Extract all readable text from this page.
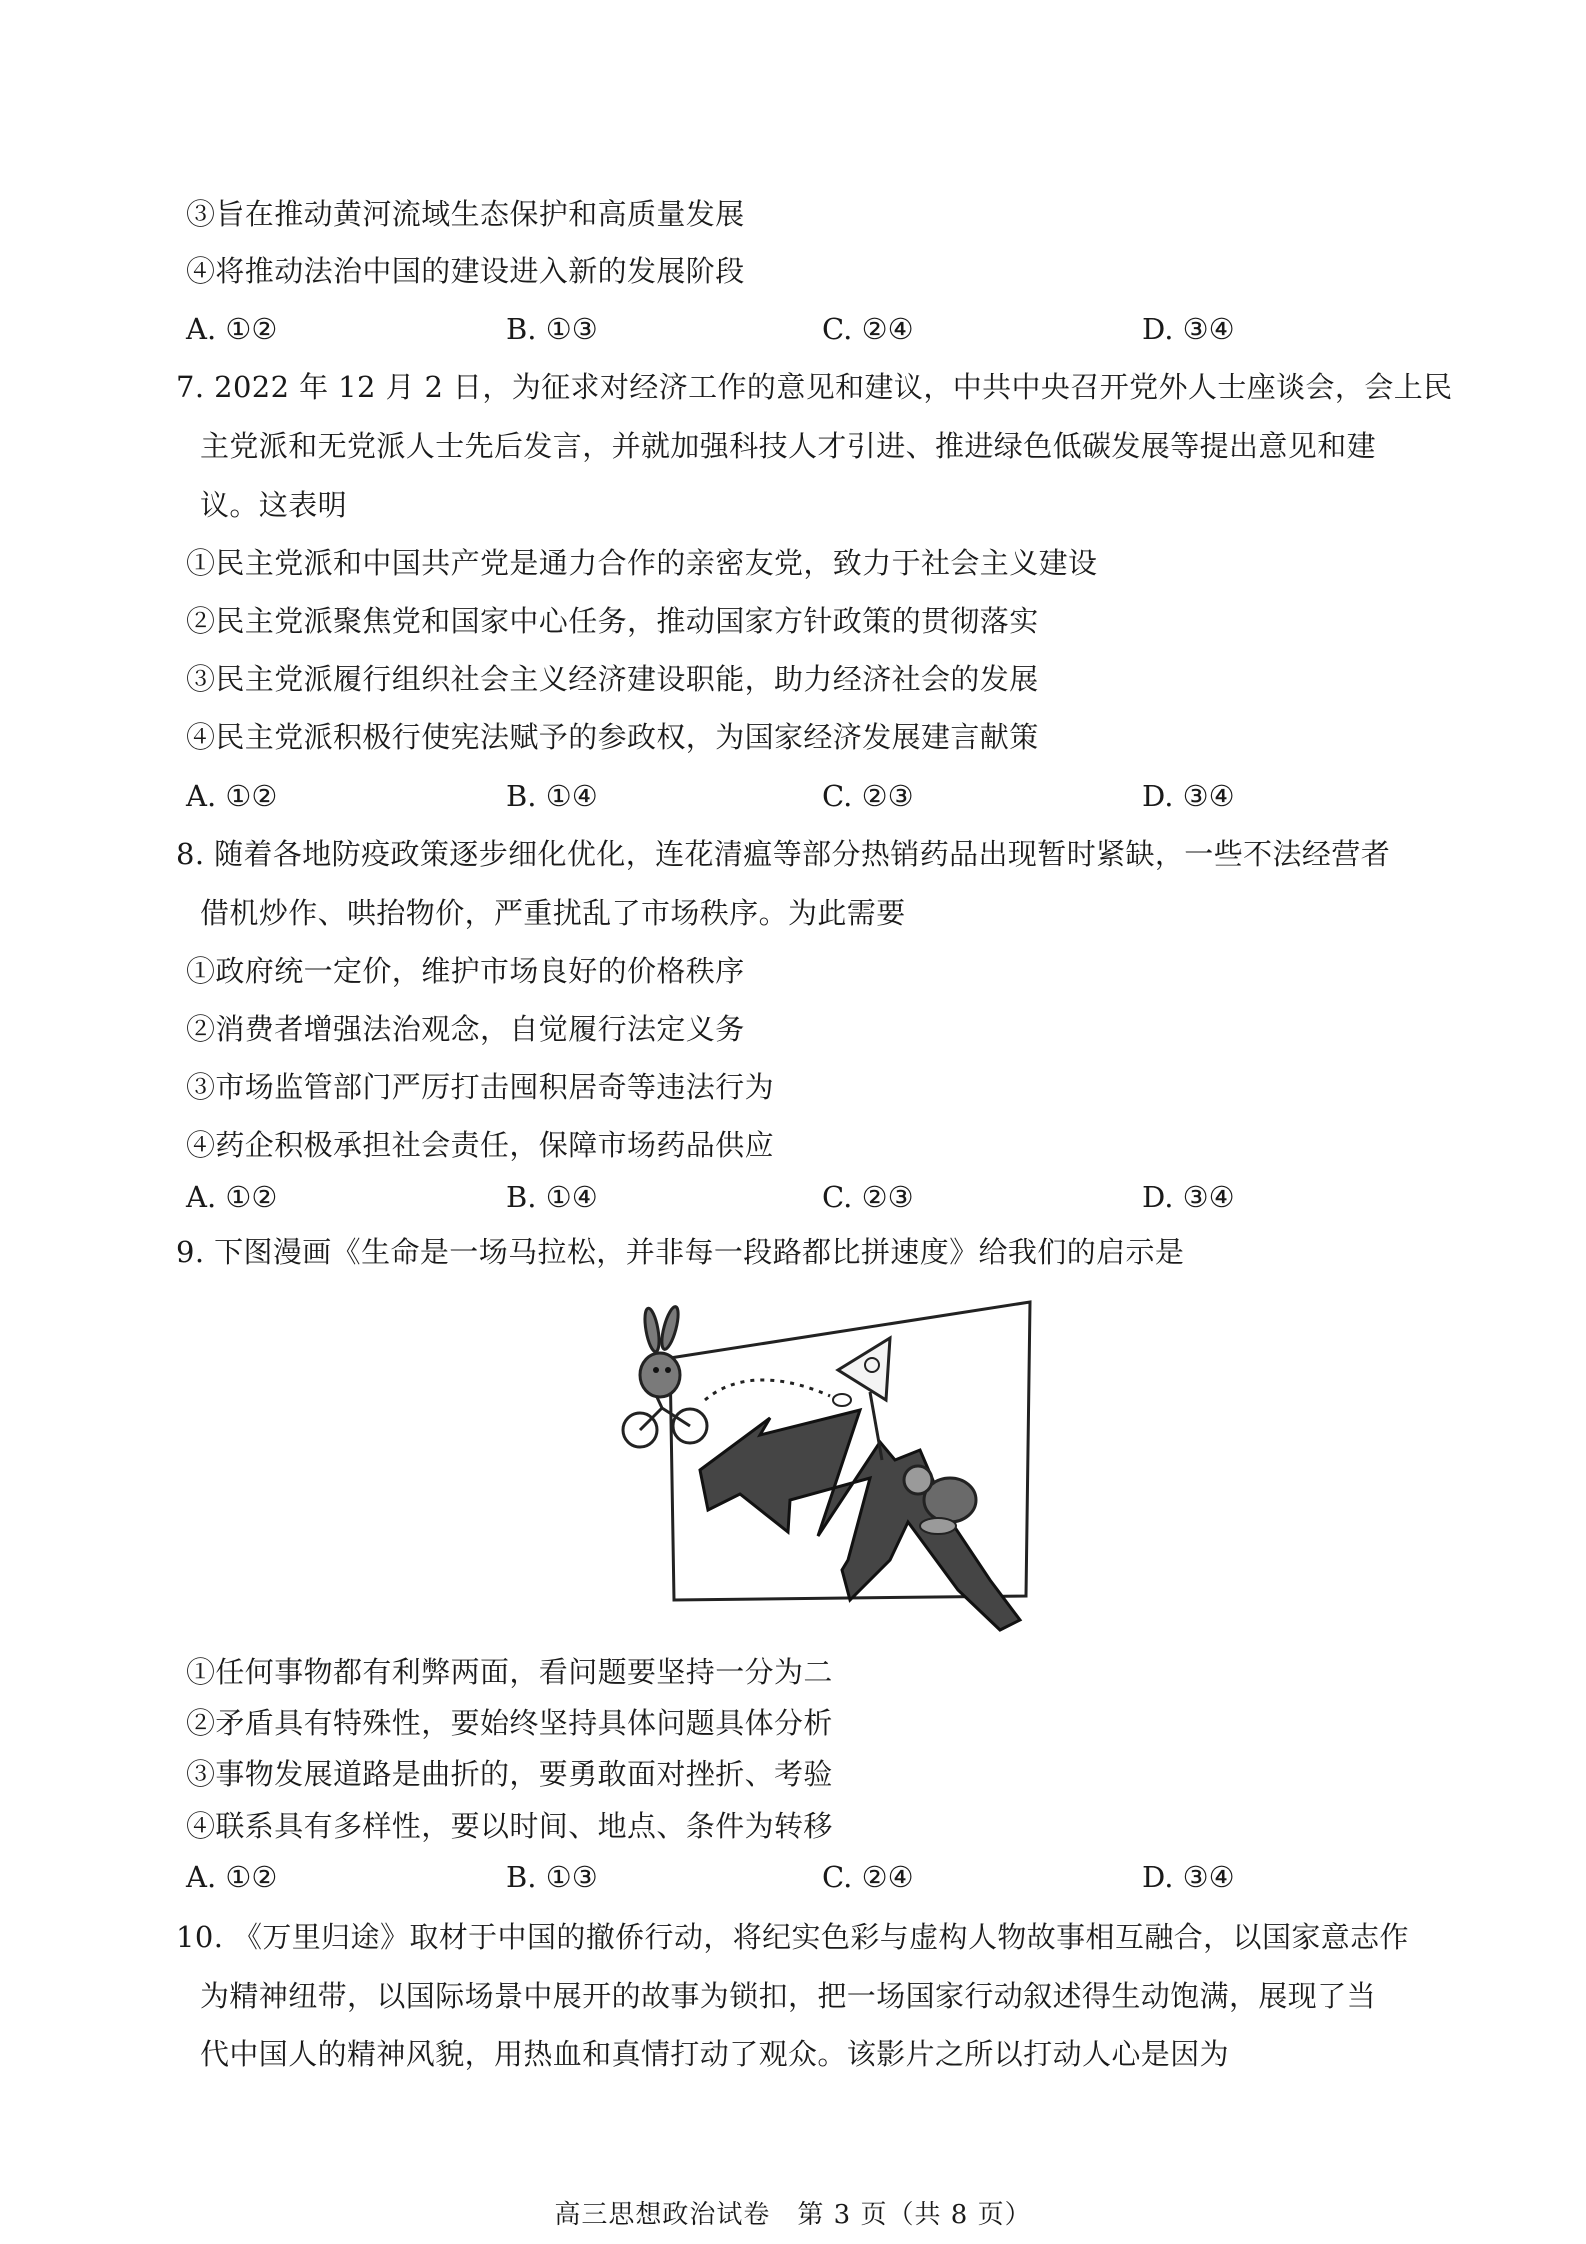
③旨在推动黄河流域生态保护和高质量发展
④将推动法治中国的建设进入新的发展阶段
A. ①②	B. ①③	C. ②④	D. ③④
7. 2022 年 12 月 2 日，为征求对经济工作的意见和建议，中共中央召开党外人士座谈会，会上民
主党派和无党派人士先后发言，并就加强科技人才引进、推进绿色低碳发展等提出意见和建
议。这表明
①民主党派和中国共产党是通力合作的亲密友党，致力于社会主义建设
②民主党派聚焦党和国家中心任务，推动国家方针政策的贯彻落实
③民主党派履行组织社会主义经济建设职能，助力经济社会的发展
④民主党派积极行使宪法赋予的参政权，为国家经济发展建言献策
A. ①②	B. ①④	C. ②③	D. ③④
8. 随着各地防疫政策逐步细化优化，连花清瘟等部分热销药品出现暂时紧缺，一些不法经营者
借机炒作、哄抬物价，严重扰乱了市场秩序。为此需要
①政府统一定价，维护市场良好的价格秩序
②消费者增强法治观念，自觉履行法定义务
③市场监管部门严厉打击囤积居奇等违法行为
④药企积极承担社会责任，保障市场药品供应
A. ①②	B. ①④	C. ②③	D. ③④
9. 下图漫画《生命是一场马拉松，并非每一段路都比拼速度》给我们的启示是
①任何事物都有利弊两面，看问题要坚持一分为二
②矛盾具有特殊性，要始终坚持具体问题具体分析
③事物发展道路是曲折的，要勇敢面对挫折、考验
④联系具有多样性，要以时间、地点、条件为转移
A. ①②	B. ①③	C. ②④	D. ③④
10. 《万里归途》取材于中国的撤侨行动，将纪实色彩与虚构人物故事相互融合，以国家意志作
为精神纽带，以国际场景中展开的故事为锁扣，把一场国家行动叙述得生动饱满，展现了当
代中国人的精神风貌，用热血和真情打动了观众。该影片之所以打动人心是因为
高三思想政治试卷　第 3 页（共 8 页）
